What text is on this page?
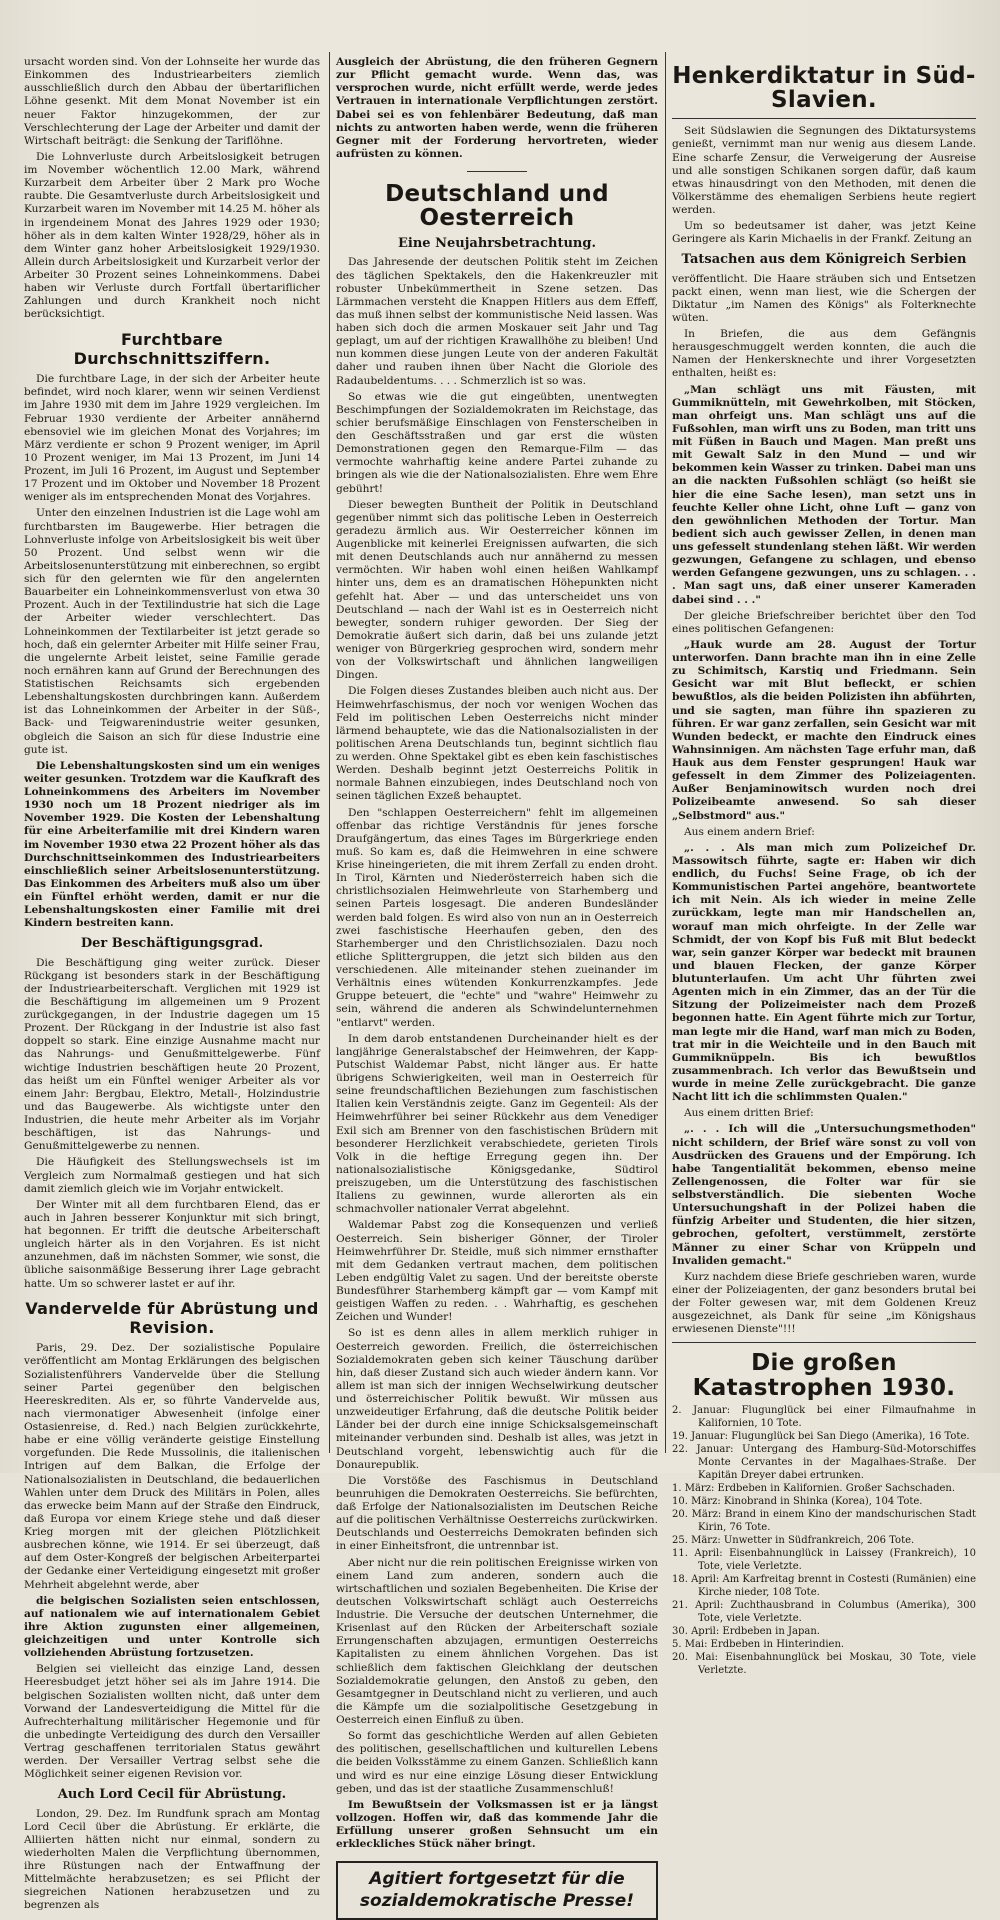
ursacht worden sind. Von der Lohnseite her wurde das Einkommen des Industriearbeiters ziemlich ausschließlich durch den Abbau der übertariflichen Löhne gesenkt. Mit dem Monat November ist ein neuer Faktor hinzugekommen, der zur Verschlechterung der Lage der Arbeiter und damit der Wirtschaft beiträgt: die Senkung der Tariflöhne.

Die Lohnverluste durch Arbeitslosigkeit betrugen im November wöchentlich 12.00 Mark, während Kurzarbeit dem Arbeiter über 2 Mark pro Woche raubte. Die Gesamtverluste durch Arbeitslosigkeit und Kurzarbeit waren im November mit 14.25 M. höher als in irgendeinem Monat des Jahres 1929 oder 1930; höher als in dem kalten Winter 1928/29, höher als in dem Winter ganz hoher Arbeitslosigkeit 1929/1930. Allein durch Arbeitslosigkeit und Kurzarbeit verlor der Arbeiter 30 Prozent seines Lohneinkommens. Dabei haben wir Verluste durch Fortfall übertariflicher Zahlungen und durch Krankheit noch nicht berücksichtigt.

Furchtbare Durchschnittsziffern.

Die furchtbare Lage, in der sich der Arbeiter heute befindet, wird noch klarer, wenn wir seinen Verdienst im Jahre 1930 mit dem im Jahre 1929 vergleichen. Im Februar 1930 verdiente der Arbeiter annähernd ebensoviel wie im gleichen Monat des Vorjahres; im März verdiente er schon 9 Prozent weniger, im April 10 Prozent weniger, im Mai 13 Prozent, im Juni 14 Prozent, im Juli 16 Prozent, im August und September 17 Prozent und im Oktober und November 18 Prozent weniger als im entsprechenden Monat des Vorjahres.

Unter den einzelnen Industrien ist die Lage wohl am furchtbarsten im Baugewerbe. Hier betragen die Lohnverluste infolge von Arbeitslosigkeit bis weit über 50 Prozent. Und selbst wenn wir die Arbeitslosenunterstützung mit einberechnen, so ergibt sich für den gelernten wie für den angelernten Bauarbeiter ein Lohneinkommensverlust von etwa 30 Prozent. Auch in der Textilindustrie hat sich die Lage der Arbeiter wieder verschlechtert. Das Lohneinkommen der Textilarbeiter ist jetzt gerade so hoch, daß ein gelernter Arbeiter mit Hilfe seiner Frau, die ungelernte Arbeit leistet, seine Familie gerade noch ernähren kann auf Grund der Berechnungen des Statistischen Reichsamts sich ergebenden Lebenshaltungskosten durchbringen kann. Außerdem ist das Lohneinkommen der Arbeiter in der Süß-, Back- und Teigwarenindustrie weiter gesunken, obgleich die Saison an sich für diese Industrie eine gute ist.

Die Lebenshaltungskosten sind um ein weniges weiter gesunken. Trotzdem war die Kaufkraft des Lohneinkommens des Arbeiters im November 1930 noch um 18 Prozent niedriger als im November 1929. Die Kosten der Lebenshaltung für eine Arbeiterfamilie mit drei Kindern waren im November 1930 etwa 22 Prozent höher als das Durchschnittseinkommen des Industriearbeiters einschließlich seiner Arbeitslosenunterstützung. Das Einkommen des Arbeiters muß also um über ein Fünftel erhöht werden, damit er nur die Lebenshaltungskosten einer Familie mit drei Kindern bestreiten kann.

Der Beschäftigungsgrad.

Die Beschäftigung ging weiter zurück. Dieser Rückgang ist besonders stark in der Beschäftigung der Industriearbeiterschaft. Verglichen mit 1929 ist die Beschäftigung im allgemeinen um 9 Prozent zurückgegangen, in der Industrie dagegen um 15 Prozent. Der Rückgang in der Industrie ist also fast doppelt so stark. Eine einzige Ausnahme macht nur das Nahrungs- und Genußmittelgewerbe. Fünf wichtige Industrien beschäftigen heute 20 Prozent, das heißt um ein Fünftel weniger Arbeiter als vor einem Jahr: Bergbau, Elektro, Metall-, Holzindustrie und das Baugewerbe. Als wichtigste unter den Industrien, die heute mehr Arbeiter als im Vorjahr beschäftigen, ist das Nahrungs- und Genußmittelgewerbe zu nennen.

Die Häufigkeit des Stellungswechsels ist im Vergleich zum Normalmaß gestiegen und hat sich damit ziemlich gleich wie im Vorjahr entwickelt.

Der Winter mit all dem furchtbaren Elend, das er auch in Jahren besserer Konjunktur mit sich bringt, hat begonnen. Er trifft die deutsche Arbeiterschaft ungleich härter als in den Vorjahren. Es ist nicht anzunehmen, daß im nächsten Sommer, wie sonst, die übliche saisonmäßige Besserung ihrer Lage gebracht hatte. Um so schwerer lastet er auf ihr.

Vandervelde für Abrüstung und Revision.

Paris, 29. Dez. Der sozialistische Populaire veröffentlicht am Montag Erklärungen des belgischen Sozialistenführers Vandervelde über die Stellung seiner Partei gegenüber den belgischen Heereskrediten. Als er, so führte Vandervelde aus, nach viermonatiger Abwesenheit (infolge einer Ostasienreise, d. Red.) nach Belgien zurückkehrte, habe er eine völlig veränderte geistige Einstellung vorgefunden. Die Rede Mussolinis, die italienischen Intrigen auf dem Balkan, die Erfolge der Nationalsozialisten in Deutschland, die bedauerlichen Wahlen unter dem Druck des Militärs in Polen, alles das erwecke beim Mann auf der Straße den Eindruck, daß Europa vor einem Kriege stehe und daß dieser Krieg morgen mit der gleichen Plötzlichkeit ausbrechen könne, wie 1914. Er sei überzeugt, daß auf dem Oster-Kongreß der belgischen Arbeiterpartei der Gedanke einer Verteidigung eingesetzt mit großer Mehrheit abgelehnt werde, aber

die belgischen Sozialisten seien entschlossen, auf nationalem wie auf internationalem Gebiet ihre Aktion zugunsten einer allgemeinen, gleichzeitigen und unter Kontrolle sich vollziehenden Abrüstung fortzusetzen.

Belgien sei vielleicht das einzige Land, dessen Heeresbudget jetzt höher sei als im Jahre 1914. Die belgischen Sozialisten wollten nicht, daß unter dem Vorwand der Landesverteidigung die Mittel für die Aufrechterhaltung militärischer Hegemonie und für die unbedingte Verteidigung des durch den Versailler Vertrag geschaffenen territorialen Status gewährt werden. Der Versailler Vertrag selbst sehe die Möglichkeit seiner eigenen Revision vor.

Auch Lord Cecil für Abrüstung.

London, 29. Dez. Im Rundfunk sprach am Montag Lord Cecil über die Abrüstung. Er erklärte, die Alliierten hätten nicht nur einmal, sondern zu wiederholten Malen die Verpflichtung übernommen, ihre Rüstungen nach der Entwaffnung der Mittelmächte herabzusetzen; es sei Pflicht der siegreichen Nationen herabzusetzen und zu begrenzen als

Ausgleich der Abrüstung, die den früheren Gegnern zur Pflicht gemacht wurde. Wenn das, was versprochen wurde, nicht erfüllt werde, werde jedes Vertrauen in internationale Verpflichtungen zerstört. Dabei sei es von fehlenbärer Bedeutung, daß man nichts zu antworten haben werde, wenn die früheren Gegner mit der Forderung hervortreten, wieder aufrüsten zu können.

Deutschland und Oesterreich
Eine Neujahrsbetrachtung.

Das Jahresende der deutschen Politik steht im Zeichen des täglichen Spektakels, den die Hakenkreuzler mit robuster Unbekümmertheit in Szene setzen. Das Lärmmachen versteht die Knappen Hitlers aus dem Effeff, das muß ihnen selbst der kommunistische Neid lassen. Was haben sich doch die armen Moskauer seit Jahr und Tag geplagt, um auf der richtigen Krawallhöhe zu bleiben! Und nun kommen diese jungen Leute von der anderen Fakultät daher und rauben ihnen über Nacht die Gloriole des Radaubeldentums. . . . Schmerzlich ist so was.

So etwas wie die gut eingeübten, unentwegten Beschimpfungen der Sozialdemokraten im Reichstage, das schier berufsmäßige Einschlagen von Fensterscheiben in den Geschäftsstraßen und gar erst die wüsten Demonstrationen gegen den Remarque-Film — das vermochte wahrhaftig keine andere Partei zuhande zu bringen als wie die der Nationalsozialisten. Ehre wem Ehre gebührt!

Dieser bewegten Buntheit der Politik in Deutschland gegenüber nimmt sich das politische Leben in Oesterreich geradezu ärmlich aus. Wir Oesterreicher können im Augenblicke mit keinerlei Ereignissen aufwarten, die sich mit denen Deutschlands auch nur annähernd zu messen vermöchten. Wir haben wohl einen heißen Wahlkampf hinter uns, dem es an dramatischen Höhepunkten nicht gefehlt hat. Aber — und das unterscheidet uns von Deutschland — nach der Wahl ist es in Oesterreich nicht bewegter, sondern ruhiger geworden. Der Sieg der Demokratie äußert sich darin, daß bei uns zulande jetzt weniger von Bürgerkrieg gesprochen wird, sondern mehr von der Volkswirtschaft und ähnlichen langweiligen Dingen.

Die Folgen dieses Zustandes bleiben auch nicht aus. Der Heimwehrfaschismus, der noch vor wenigen Wochen das Feld im politischen Leben Oesterreichs nicht minder lärmend behauptete, wie das die Nationalsozialisten in der politischen Arena Deutschlands tun, beginnt sichtlich flau zu werden. Ohne Spektakel gibt es eben kein faschistisches Werden. Deshalb beginnt jetzt Oesterreichs Politik in normale Bahnen einzubiegen, indes Deutschland noch von seinen täglichen Exzeß behauptet.

Den "schlappen Oesterreichern" fehlt im allgemeinen offenbar das richtige Verständnis für jenes forsche Draufgängertum, das eines Tages im Bürgerkriege enden muß. So kam es, daß die Heimwehren in eine schwere Krise hineingerieten, die mit ihrem Zerfall zu enden droht. In Tirol, Kärnten und Niederösterreich haben sich die christlichsozialen Heimwehrleute von Starhemberg und seinen Parteis losgesagt. Die anderen Bundesländer werden bald folgen. Es wird also von nun an in Oesterreich zwei faschistische Heerhaufen geben, den des Starhemberger und den Christlichsozialen. Dazu noch etliche Splittergruppen, die jetzt sich bilden aus den verschiedenen. Alle miteinander stehen zueinander im Verhältnis eines wütenden Konkurrenzkampfes. Jede Gruppe beteuert, die "echte" und "wahre" Heimwehr zu sein, während die anderen als Schwindelunternehmen "entlarvt" werden.

In dem darob entstandenen Durcheinander hielt es der langjährige Generalstabschef der Heimwehren, der Kapp-Putschist Waldemar Pabst, nicht länger aus. Er hatte übrigens Schwierigkeiten, weil man in Oesterreich für seine freundschaftlichen Beziehungen zum faschistischen Italien kein Verständnis zeigte. Ganz im Gegenteil: Als der Heimwehrführer bei seiner Rückkehr aus dem Venediger Exil sich am Brenner von den faschistischen Brüdern mit besonderer Herzlichkeit verabschiedete, gerieten Tirols Volk in die heftige Erregung gegen ihn. Der nationalsozialistische Königsgedanke, Südtirol preiszugeben, um die Unterstützung des faschistischen Italiens zu gewinnen, wurde allerorten als ein schmachvoller nationaler Verrat abgelehnt.

Waldemar Pabst zog die Konsequenzen und verließ Oesterreich. Sein bisheriger Gönner, der Tiroler Heimwehrführer Dr. Steidle, muß sich nimmer ernsthafter mit dem Gedanken vertraut machen, dem politischen Leben endgültig Valet zu sagen. Und der bereitste oberste Bundesführer Starhemberg kämpft gar — vom Kampf mit geistigen Waffen zu reden. . . Wahrhaftig, es geschehen Zeichen und Wunder!

So ist es denn alles in allem merklich ruhiger in Oesterreich geworden. Freilich, die österreichischen Sozialdemokraten geben sich keiner Täuschung darüber hin, daß dieser Zustand sich auch wieder ändern kann. Vor allem ist man sich der innigen Wechselwirkung deutscher und österreichischer Politik bewußt. Wir müssen aus unzweideutiger Erfahrung, daß die deutsche Politik beider Länder bei der durch eine innige Schicksalsgemeinschaft miteinander verbunden sind. Deshalb ist alles, was jetzt in Deutschland vorgeht, lebenswichtig auch für die Donaurepublik.

Die Vorstöße des Faschismus in Deutschland beunruhigen die Demokraten Oesterreichs. Sie befürchten, daß Erfolge der Nationalsozialisten im Deutschen Reiche auf die politischen Verhältnisse Oesterreichs zurückwirken. Deutschlands und Oesterreichs Demokraten befinden sich in einer Einheitsfront, die untrennbar ist.

Aber nicht nur die rein politischen Ereignisse wirken von einem Land zum anderen, sondern auch die wirtschaftlichen und sozialen Begebenheiten. Die Krise der deutschen Volkswirtschaft schlägt auch Oesterreichs Industrie. Die Versuche der deutschen Unternehmer, die Krisenlast auf den Rücken der Arbeiterschaft soziale Errungenschaften abzujagen, ermuntigen Oesterreichs Kapitalisten zu einem ähnlichen Vorgehen. Das ist schließlich dem faktischen Gleichklang der deutschen Sozialdemokratie gelungen, den Anstoß zu geben, den Gesamtgegner in Deutschland nicht zu verlieren, und auch die Kämpfe um die sozialpolitische Gesetzgebung in Oesterreich einen Einfluß zu üben.

So formt das geschichtliche Werden auf allen Gebieten des politischen, gesellschaftlichen und kulturellen Lebens die beiden Volksstämme zu einem Ganzen. Schließlich kann und wird es nur eine einzige Lösung dieser Entwicklung geben, und das ist der staatliche Zusammenschluß!

Im Bewußtsein der Volksmassen ist er ja längst vollzogen. Hoffen wir, daß das kommende Jahr die Erfüllung unserer großen Sehnsucht um ein erkleckliches Stück näher bringt.

Agitiert fortgesetzt für die sozialdemokratische Presse!
Henkerdiktatur in Süd-Slavien.

Seit Südslawien die Segnungen des Diktatursystems genießt, vernimmt man nur wenig aus diesem Lande. Eine scharfe Zensur, die Verweigerung der Ausreise und alle sonstigen Schikanen sorgen dafür, daß kaum etwas hinausdringt von den Methoden, mit denen die Völkerstämme des ehemaligen Serbiens heute regiert werden.

Um so bedeutsamer ist daher, was jetzt Keine Geringere als Karin Michaelis in der Frankf. Zeitung an

Tatsachen aus dem Königreich Serbien

veröffentlicht. Die Haare sträuben sich und Entsetzen packt einen, wenn man liest, wie die Schergen der Diktatur „im Namen des Königs" als Folterknechte wüten.

In Briefen, die aus dem Gefängnis herausgeschmuggelt werden konnten, die auch die Namen der Henkersknechte und ihrer Vorgesetzten enthalten, heißt es:

„Man schlägt uns mit Fäusten, mit Gummiknütteln, mit Gewehrkolben, mit Stöcken, man ohrfeigt uns. Man schlägt uns auf die Fußsohlen, man wirft uns zu Boden, man tritt uns mit Füßen in Bauch und Magen. Man preßt uns mit Gewalt Salz in den Mund — und wir bekommen kein Wasser zu trinken. Dabei man uns an die nackten Fußsohlen schlägt (so heißt sie hier die eine Sache lesen), man setzt uns in feuchte Keller ohne Licht, ohne Luft — ganz von den gewöhnlichen Methoden der Tortur. Man bedient sich auch gewisser Zellen, in denen man uns gefesselt stundenlang stehen läßt. Wir werden gezwungen, Gefangene zu schlagen, und ebenso werden Gefangene gezwungen, uns zu schlagen. . . . Man sagt uns, daß einer unserer Kameraden dabei sind . . ."

Der gleiche Briefschreiber berichtet über den Tod eines politischen Gefangenen:

„Hauk wurde am 28. August der Tortur unterworfen. Dann brachte man ihn in eine Zelle zu Schimitsch, Karstiq und Friedmann. Sein Gesicht war mit Blut befleckt, er schien bewußtlos, als die beiden Polizisten ihn abführten, und sie sagten, man führe ihn spazieren zu führen. Er war ganz zerfallen, sein Gesicht war mit Wunden bedeckt, er machte den Eindruck eines Wahnsinnigen. Am nächsten Tage erfuhr man, daß Hauk aus dem Fenster gesprungen! Hauk war gefesselt in dem Zimmer des Polizeiagenten. Außer Benjaminowitsch wurden noch drei Polizeibeamte anwesend. So sah dieser „Selbstmord" aus."

Aus einem andern Brief:

„. . . Als man mich zum Polizeichef Dr. Massowitsch führte, sagte er: Haben wir dich endlich, du Fuchs! Seine Frage, ob ich der Kommunistischen Partei angehöre, beantwortete ich mit Nein. Als ich wieder in meine Zelle zurückkam, legte man mir Handschellen an, worauf man mich ohrfeigte. In der Zelle war Schmidt, der von Kopf bis Fuß mit Blut bedeckt war, sein ganzer Körper war bedeckt mit braunen und blauen Flecken, der ganze Körper blutunterlaufen. Um acht Uhr führten zwei Agenten mich in ein Zimmer, das an der Tür die Sitzung der Polizeimeister nach dem Prozeß begonnen hatte. Ein Agent führte mich zur Tortur, man legte mir die Hand, warf man mich zu Boden, trat mir in die Weichteile und in den Bauch mit Gummiknüppeln. Bis ich bewußtlos zusammenbrach. Ich verlor das Bewußtsein und wurde in meine Zelle zurückgebracht. Die ganze Nacht litt ich die schlimmsten Qualen."

Aus einem dritten Brief:

„. . . Ich will die „Untersuchungsmethoden" nicht schildern, der Brief wäre sonst zu voll von Ausdrücken des Grauens und der Empörung. Ich habe Tangentialität bekommen, ebenso meine Zellengenossen, die Folter war für sie selbstverständlich. Die siebenten Woche Untersuchungshaft in der Polizei haben die fünfzig Arbeiter und Studenten, die hier sitzen, gebrochen, gefoltert, verstümmelt, zerstörte Männer zu einer Schar von Krüppeln und Invaliden gemacht."

Kurz nachdem diese Briefe geschrieben waren, wurde einer der Polizeiagenten, der ganz besonders brutal bei der Folter gewesen war, mit dem Goldenen Kreuz ausgezeichnet, als Dank für seine „im Königshaus erwiesenen Dienste"!!!

Die großen Katastrophen 1930.
2. Januar: Flugunglück bei einer Filmaufnahme in Kalifornien, 10 Tote.
19. Januar: Flugunglück bei San Diego (Amerika), 16 Tote.
22. Januar: Untergang des Hamburg-Süd-Motorschiffes Monte Cervantes in der Magalhaes-Straße. Der Kapitän Dreyer dabei ertrunken.
1. März: Erdbeben in Kalifornien. Großer Sachschaden.
10. März: Kinobrand in Shinka (Korea), 104 Tote.
20. März: Brand in einem Kino der mandschurischen Stadt Kirin, 76 Tote.
25. März: Unwetter in Südfrankreich, 206 Tote.
11. April: Eisenbahnunglück in Laissey (Frankreich), 10 Tote, viele Verletzte.
18. April: Am Karfreitag brennt in Costesti (Rumänien) eine Kirche nieder, 108 Tote.
21. April: Zuchthausbrand in Columbus (Amerika), 300 Tote, viele Verletzte.
30. April: Erdbeben in Japan.
5. Mai: Erdbeben in Hinterindien.
20. Mai: Eisenbahnunglück bei Moskau, 30 Tote, viele Verletzte.
